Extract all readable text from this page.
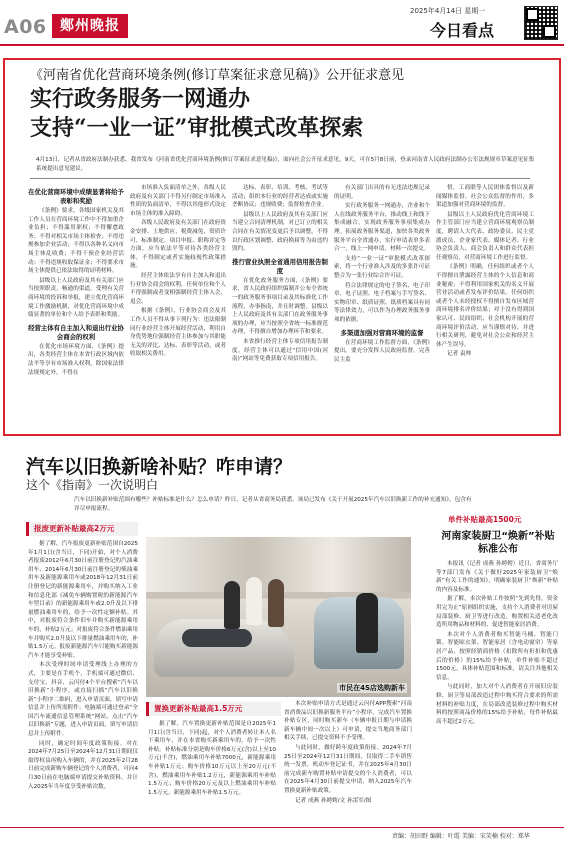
A06 鄭州晚报
2025年4月14日 星期一
今日看点
《河南省优化营商环境条例(修订草案征求意见稿)》公开征求意见
实行政务服务一网通办
支持“一业一证”审批模式改革探索
4月13日，记者从省政府法制办获悉，我省发布《河南省优化营商环境条例(修订草案征求意见稿)》，面向社会公开征求意见，9天，可在5月8日前，登录河南省人民政府法制办公室法规规章草案意见征集系统提出意见建议。

在优化营商环境中成绩显著将给予表彰和奖励

《条例》要求，各级国家机关及其工作人员在营商环境工作中不得加重企业负担；不得滥用职权；不得懈怠政务；不得对相关市场主体检查；不得违规参加企业活动；不得以各种名义向市场主体乱收费；不得干预企业经营活动；不得违规收取保证金；不得要求市场主体提供已依法取得的证明材料。

县级以上人民政府及其有关部门应当按照职责，畅通的渠道，受理有关营商环境的投诉和举报，建立优化营商环境工作激励机制，对优化营商环境中成绩显著的单位和个人给予表彰和奖励。

经营主体有自主加入和退出行业协会商会的权利

在优化市场环境方面，《条例》提出，各类经营主体在本省行政区域内依法平等享有市场准入权利，除国家法律法规规定外，不得在

市场准入负面清单之外，各级人民政府及有关部门不得另行制定市场准入性质的负面清单，不得以其他形式设定市场主体的准入障碍。

各级人民政府及有关部门在政府资金安排、土地供应、税费减免、资质许可、标准制定、项目申报、职称评定等方面，应当依法平等对待各类经营主体，不得制定或者实施歧视性政策措施。

经营主体依法享有自主加入和退出行业协会商会的权利，任何单位和个人不得强制或者变相强制经营主体入会、退会。

根据《条例》，行业协会商会及其工作人员不得从事下列行为：违法限制同行业经营主体开展经营活动，利用自身优势地位强制经营主体参加与其职能无关的评比、达标、表彰等活动，或者收取相关费用。

达标、表彰、培训、考核、考试等活动；组织本行业的经营者达成或实施垄断协议；违规收费；监督检查企业。

县级以上人民政府及其有关部门应当建立合同清理机制，对已订立的相关合同在有关情况变更后予以调整，不得以行政区划调整、政府换届等为由违约毁约。

推行营业执照全省通用信用报告制度

在优化政务服务方面，《条例》要求，省人民政府组织编制并公布全省统一的政务服务事项目录及其标准化工作流程，办事指南，并且时调整。县级以上人民政府及其有关部门在政务服务事项的办理，应当按照全省统一标准规范办理，不得擅自增加办理环节和要求。

本省推行经营主体专项信用报告制度。经营主体可以通过“信用中国(河南)”网站等免费获取专项信用报告。

有关部门出具的有无违法违规记录的证明。

实行政务服务一网通办，企业和个人在线政务服务平台，推动线上和线下集成融合，实现政务服务事项集成办理。拓展政务服务渠道，加快各类政务服务平台全省通办，实行申请表单多表合一，线上一网申请，材料一次提交。

支持“一业一证”审批模式改革探索，将一个行业准入涉及的多张许可证整合为一张行业综合许可证。

符合法律规定的电子签名、电子印章、电子证照、电子档案与手写签名、实物印章、纸质证照、纸质档案具有同等法律效力，可以作为办理政务服务事项的依据。

多渠道加强对营商环境的监督

在营商环境工作监督方面，《条例》提出，要充分发挥人民政府监督，完善民主监

督，工商联等人民团体监督以及新闻媒体监督、社会公众监督的作用，多渠道加强对营商环境的监督。

县级以上人民政府优化营商环境工作主管部门应当建立营商环境观察员制度，聘请人大代表、政协委员、民主党派成员、企业家代表、媒体记者、行业协会负责人、商会负责人和群众代表担任观察员，对营商环境工作进行监督。

《条例》明确，任何组织或者个人不得擅自泄露经营主体的个人信息和商业秘密；不得利用国家机关的名义开展营业活动或者发布评价结果。任何组织或者个人未经授权不得擅自发布区域营商环境排名评价结果；对于没有得到国家认可、民间组织、社会机构开展的营商环境评价活动，应当谨慎对待，并进行相关研判，避免对社会公众和经营主体产生误导。

记者 袁帅

汽车以旧换新啥补贴？咋申请？
这个《指南》一次说明白
汽车以旧换新补贴范围有哪些？补贴标准是什么？怎么申请？昨日，记者从省商务局获悉，该局已发布《关于开展2025年汽车以旧换新工作的补充通知》，包含有详尽申报流程。
报废更新补贴最高2万元

据了解，汽车报废更新补贴范围自2025年1月1日(含当日，下同)开始，对个人消费者报废2012年6月30日前注册登记的汽油乘用车、2014年6月30日前注册登记的柴油乘用车及新能源乘用车或2018年12月31日前注册登记的新能源乘用车，并购买纳入工业和信息化部《减免车辆购置税的新能源汽车车型目录》的新能源乘用车或2.0升及以下排量燃油乘用车的，给予一次性定额补贴。其中，对报废符合条件旧车并购买新能源乘用车的，补贴2万元；对报废符合条件燃油乘用车并购买2.0升及以下排量燃油乘用车的，补贴1.5万元。报废新能源汽车只能购买新能源汽车才能享受补贴。

本次受理时间申请受理线上办理的方式，主要是在手机个，手机端可通过微信、支付宝、抖音、云闪付4个平台搜索“汽车以旧换新”小程序，或直接扫描“汽车以旧换新”小程序二维码，进入申请页面，填写申请信息并上传所需附件；电脑端可通过登录“全国汽车流通信息管理系统”网站，点击“汽车以旧换新”专题，进入申请页面，填写申请信息并上传附件。

同时，确定时间年度政策衔接。对在2024年7月25日至2024年12月31日期间仅取得权益再购入车辆的，并在2025年2月28日前完成新购车辆登记的个人消费者，可向4月30日前在电脑端申请提交补贴资料，并计入2025年当年度享受补贴次数。

市民在4S店选购新车
置换更新补贴最高1.5万元

据了解，汽车置换更新补贴范围是自2025年1月1日(含当日，下同)起，对个人消费者转让本人名下乘用车，并在本省购买新乘用车的，给予一次性补贴。补贴标准分别是购车价格6万元(含)以上至10万元(不含)，燃油乘用车补贴7000元，新能源乘用车补贴1万元；购车价格10万元以上至20万元(不含)，燃油乘用车补贴1.2万元，新能源乘用车补贴1.5万元；购车价格20万元及以上燃油乘用车补贴1.5万元。新能源乘用车补贴1.5万元。

本次补贴申请方式是通过云闪付APP搜索“河南省消费品以旧换新服务平台”小程序，完成汽车置换补贴专区，同时购买新车（车辆申报日期与申请换新车辆中间一次以上）可申请，提交当地商务部门相关手续，已提交资料不予受理。

与此同时，做好跨年度政策衔接。2024年7月25日至2024年12月31日期间，仅取得二手车销售统一发票，机动车登记证书，并在2025年4月30日前完成新车购置补贴申请提交的个人消费者，可以在2025年4月30日前提交申请，纳入2025年汽车置换更新补贴政策。

记者 成燕 孙娉娉/文 孙雷军/图

单件补贴最高1500元
河南家装厨卫“焕新”补贴标准公布

本报讯（记者 成燕 孙娉娉）近日，省商务厅等7部门发布《关于做好2025年家装厨卫“焕新”有关工作的通知》，明确家装厨卫“焕新”补贴的内容及标准。

据了解，本次补贴工作按照“先到先得，资金用完为止”原则组织实施，支持个人消费者对房屋局部装修、厨卫等进行改造，购置相关适老化改造所用物品和材料的，促进智能家居消费。

本次对个人消费者购买智能马桶、智能门锁、智能晾衣架、智能家居（含电动窗帘）等家居产品，按照经销商价格（扣除所有折扣和优惠后的价格）的15%给予补贴，单件补贴不超过1500元。具体补贴范围和标准，请关注其他相关信息。

与此同时，加大对个人消费者在开展旧房装修、厨卫等局部改造过程中购买符合要求的所需材料的补贴力度，在局部改造装修过程中购买材料的按照商品价格的15%给予补贴，每件补贴最高不超过2万元。

责编：胡田野 编辑：叶霞 美编：宋笑楠 校对：郑华
